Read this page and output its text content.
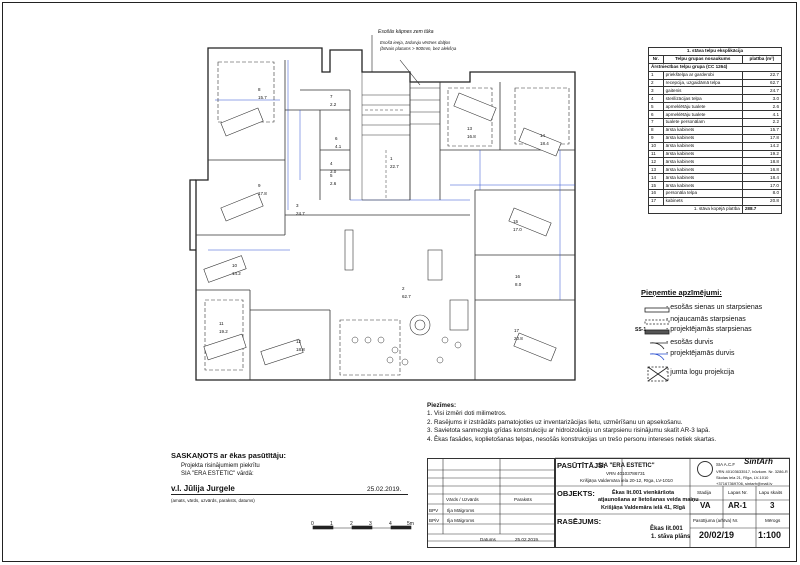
Esošās kāpnes zem tūka
Esošā ieeja, ārdurvju vērtnes dalījos
(brīvais platums > 900mm, bez alekšņa
8
15.7
9
17.8
10
14.2
11
19.2
12
18.8
13
16.8	14
18.4
15
17.0
16
8.0
17
20.8
1
22.7
2
62.7
3
24.7
4
3.0
5
2.6
6
4.1
7
2.2
1. stāva telpu eksplikācija		
Nr.	Telpu grupas nosaukums	platība (m²)
Ārstniecības telpu grupa (CC 1264)		
1	priekštelpa ar garderobi	22.7
2	recepcija, uzgaidāmā telpa	62.7
3	gaitenis	24.7
4	sterilizācijas telpa	3.0
5	apmeklētāju tualete	2.6
6	apmeklētāju tualete	4.1
7	tualete personālam	2.2
8	ārsta kabinets	15.7
9	ārsta kabinets	17.8
10	ārsta kabinets	14.2
11	ārsta kabinets	19.2
12	ārsta kabinets	18.8
13	ārsta kabinets	16.8
14	ārsta kabinets	18.4
15	ārsta kabinets	17.0
16	personāla telpa	8.0
17	kabinets	20.8
1. stāva kopējā platība		288.7
Pieņemtie apzīmējumi:
SS-1
- esošās sienas un starpsienas
- nojaucamās starpsienas
- projektējamās starpsienas
- esošās durvis
- projektējamās durvis
- jumta logu projekcija
Piezīmes:
1. Visi izmēri doti milimetros.
2. Rasējums ir izstrādāts pamatojoties uz inventarizācijas lietu, uzmērīšanu un apsekošanu.
3. Savietota sanmezgla grīdas konstrukciju ar hidroizolāciju un starpsienu risinājumu skatīt AR-3 lapā.
4. Ēkas fasādes, koplietošanas telpas, nesošās konstrukcijas un trešo personu intereses netiek skartas.
SASKAŅOTS ar ēkas pasūtītāju:
Projekta risinājumiem piekrītu
SIA "ERA ESTETIC" vārdā:
v.l. Jūlija Jurgele	25.02.2019.
(amats, vārds, uzvārds, paraksts, datums)
0	1	2	3	4	5m
Vārds / Uzvārds	Paraksts
BPV Ilja Mālgroms
BPiV Ilja Mālgroms
Datums	25.02.2019.
PASŪTĪTĀJS:
SIA "ERA ESTETIC"
VRN 40103786731
Krišjāņa Valdemāra iela 20-12, Rīga, LV-1010
SIA A.C.F SintArh
VRN 40103633517, būvkom. Nr. 3286-R
Skolas iela 21, Rīga, LV-1010
+37167369706, sintarh@mail.lv
OBJEKTS:	Ēkas lit.001 vienkāršota
atjaunošana ar lietošanas veida maiņu
Krišjāņa Valdemāra ielā 41, Rīgā
RASĒJUMS:
Ēkas lit.001
1. stāva plāns
Stadija
VA
Lapas Nr.
AR-1
Lapu skaits
3
Pasūtījuma (arhīva) Nr.
20/02/19
Mērogs
1:100
